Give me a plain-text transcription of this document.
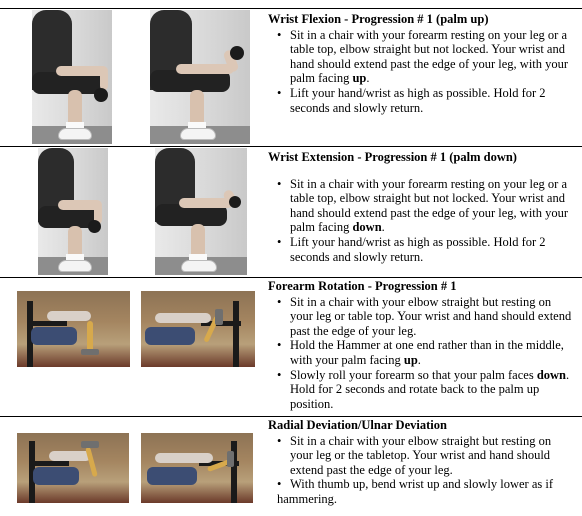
Wrist Flexion - Progression # 1 (palm up)
• Sit in a chair with your forearm resting on your leg or a table top, elbow straight but not locked. Your wrist and hand should extend past the edge of your leg, with your palm facing up.
• Lift your hand/wrist as high as possible. Hold for 2 seconds and slowly return.
Wrist Extension - Progression # 1 (palm down)
• Sit in a chair with your forearm resting on your leg or a table top, elbow straight but not locked. Your wrist and hand should extend past the edge of your leg, with your palm facing down.
• Lift your hand/wrist as high as possible. Hold for 2 seconds and slowly return.
Forearm Rotation - Progression # 1
• Sit in a chair with your elbow straight but resting on your leg or table top. Your wrist and hand should extend past the edge of your leg.
• Hold the Hammer at one end rather than in the middle, with your palm facing up.
• Slowly roll your forearm so that your palm faces down. Hold for 2 seconds and rotate back to the palm up position.
Radial Deviation/Ulnar Deviation
• Sit in a chair with your elbow straight but resting on your leg or the tabletop. Your wrist and hand should extend past the edge of your leg.
• With thumb up, bend wrist up and slowly lower as if hammering.
